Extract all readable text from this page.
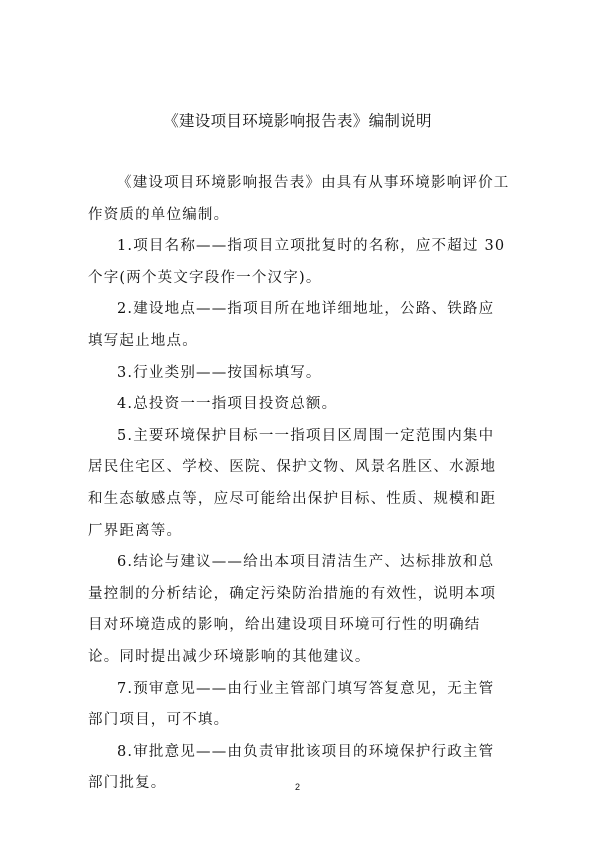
《建设项目环境影响报告表》编制说明

《建设项目环境影响报告表》由具有从事环境影响评价工作资质的单位编制。

1.项目名称——指项目立项批复时的名称，应不超过 30 个字(两个英文字段作一个汉字)。

2.建设地点——指项目所在地详细地址，公路、铁路应填写起止地点。

3.行业类别——按国标填写。

4.总投资一一指项目投资总额。

5.主要环境保护目标一一指项目区周围一定范围内集中居民住宅区、学校、医院、保护文物、风景名胜区、水源地和生态敏感点等，应尽可能给出保护目标、性质、规模和距厂界距离等。

6.结论与建议——给出本项目清洁生产、达标排放和总量控制的分析结论，确定污染防治措施的有效性，说明本项目对环境造成的影响，给出建设项目环境可行性的明确结论。同时提出减少环境影响的其他建议。

7.预审意见——由行业主管部门填写答复意见，无主管部门项目，可不填。

8.审批意见——由负责审批该项目的环境保护行政主管部门批复。	2
